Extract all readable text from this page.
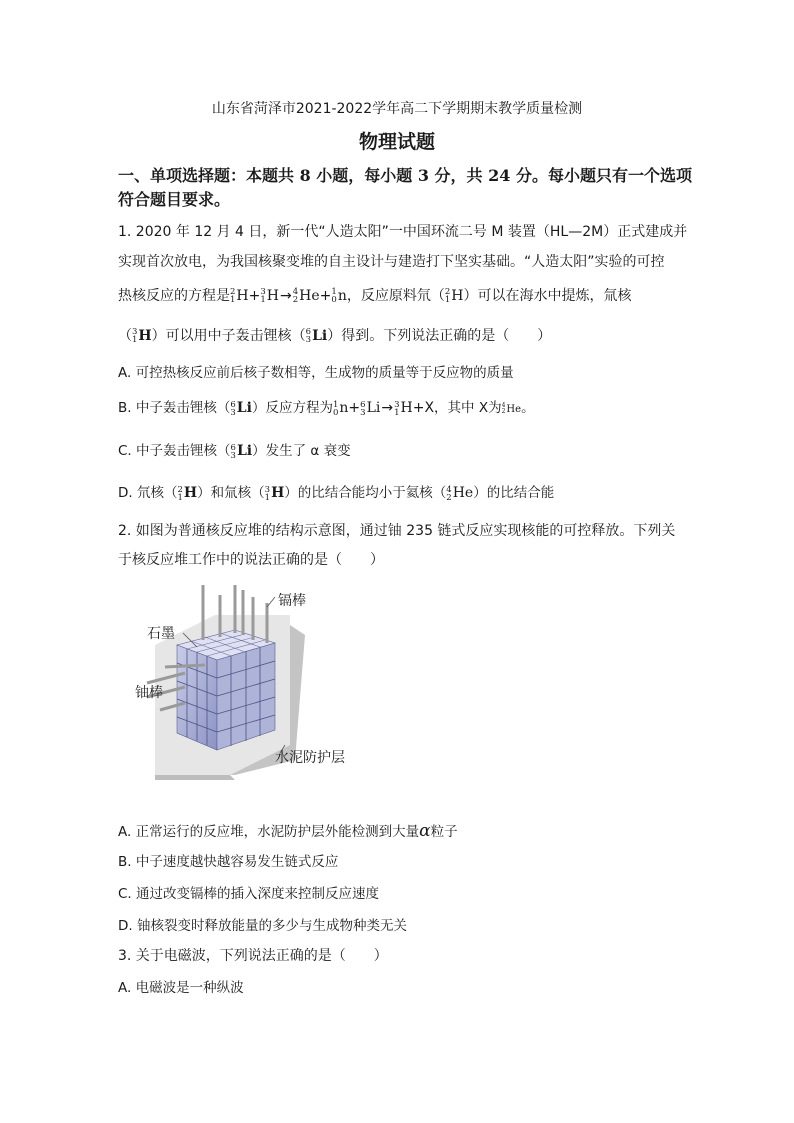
山东省菏泽市2021-2022学年高二下学期期末教学质量检测
物理试题
一、单项选择题：本题共 8 小题，每小题 3 分，共 24 分。每小题只有一个选项
符合题目要求。
1. 2020 年 12 月 4 日，新一代“人造太阳”一中国环流二号 M 装置（HL—2M）正式建成并
实现首次放电，为我国核聚变堆的自主设计与建造打下坚实基础。“人造太阳”实验的可控
热核反应的方程是 2
1 H+ 3
1 H→ 4
2 He+ 1
0 n，反应原料氘（ 2
1 H）可以在海水中提炼，氚核
（ 3
1 H）可以用中子轰击锂核（ 6
3 Li）得到。下列说法正确的是（　　）
A. 可控热核反应前后核子数相等，生成物的质量等于反应物的质量
B. 中子轰击锂核（ 6
3 Li）反应方程为 1
0 n+ 6
3 Li→ 3
1 H+X，其中 X为 4
2 He。
C. 中子轰击锂核（ 6
3 Li）发生了 α 衰变
D. 氘核（ 2
1 H）和氚核（ 3
1 H）的比结合能均小于氦核（ 4
2 He）的比结合能
2. 如图为普通核反应堆的结构示意图，通过铀 235 链式反应实现核能的可控释放。下列关
于核反应堆工作中的说法正确的是（　　）
石墨
镉棒
铀棒
水泥防护层
A. 正常运行的反应堆，水泥防护层外能检测到大量α粒子
B. 中子速度越快越容易发生链式反应
C. 通过改变镉棒的插入深度来控制反应速度
D. 铀核裂变时释放能量的多少与生成物种类无关
3. 关于电磁波，下列说法正确的是（　　）
A. 电磁波是一种纵波
